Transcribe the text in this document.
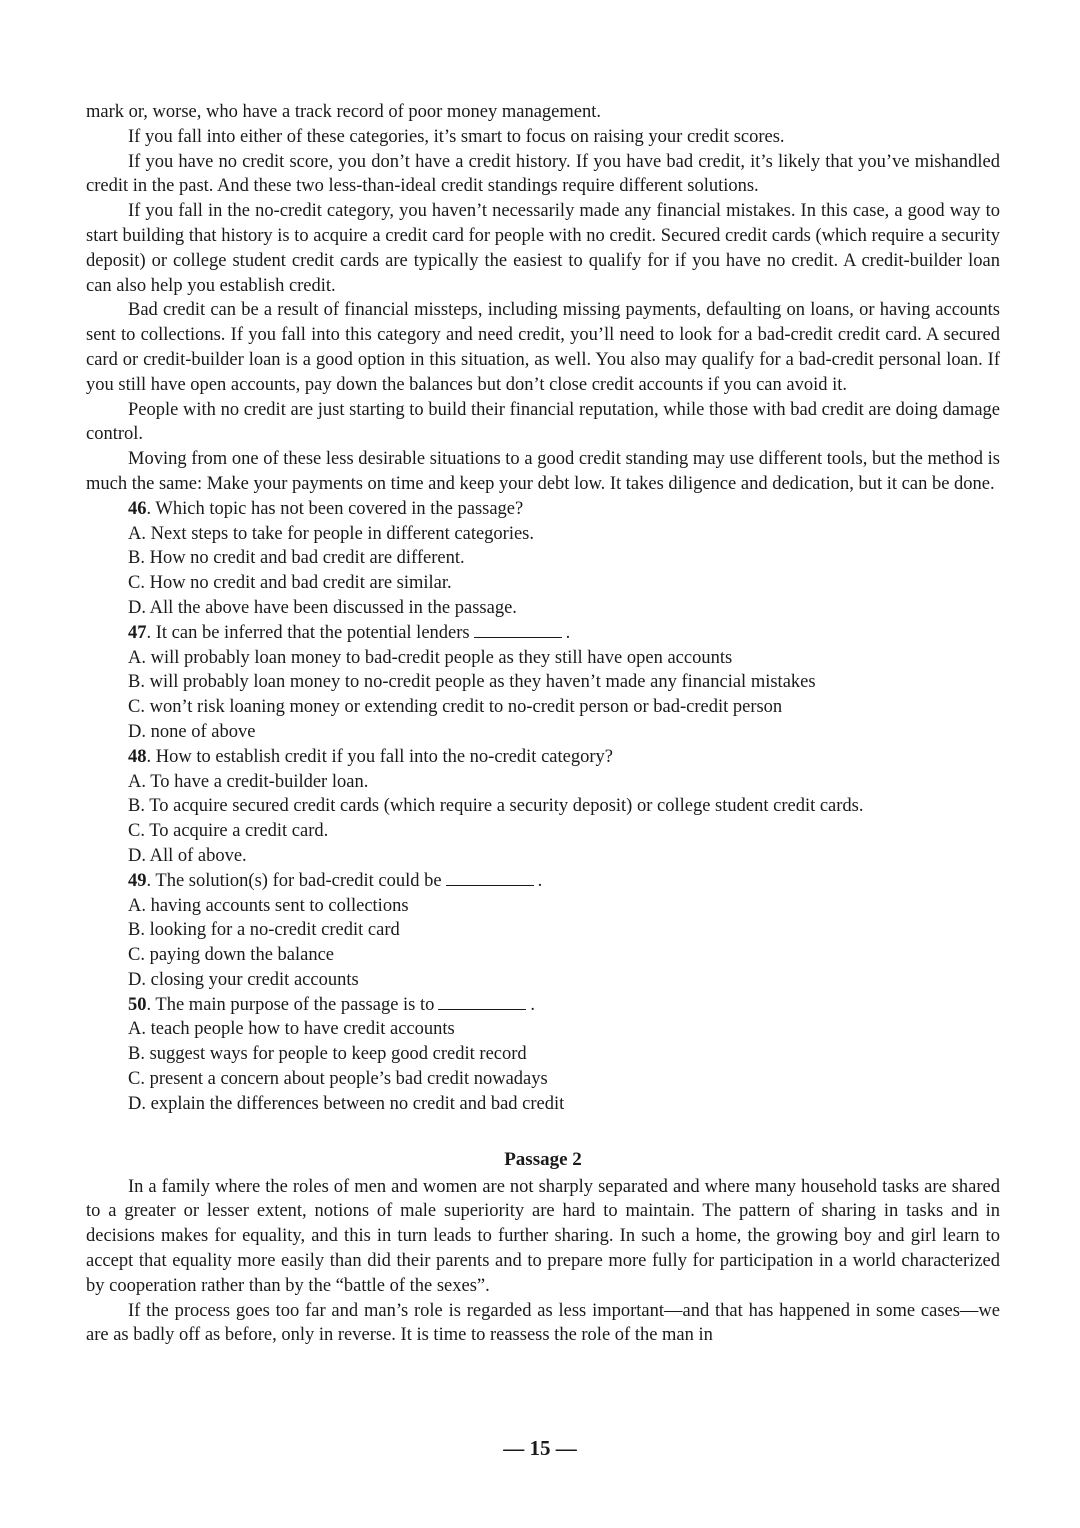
mark or, worse, who have a track record of poor money management.

If you fall into either of these categories, it’s smart to focus on raising your credit scores.

If you have no credit score, you don’t have a credit history. If you have bad credit, it’s likely that you’ve mishandled credit in the past. And these two less-than-ideal credit standings require different solutions.

If you fall in the no-credit category, you haven’t necessarily made any financial mistakes. In this case, a good way to start building that history is to acquire a credit card for people with no credit. Secured credit cards (which require a security deposit) or college student credit cards are typically the easiest to qualify for if you have no credit. A credit-builder loan can also help you establish credit.

Bad credit can be a result of financial missteps, including missing payments, defaulting on loans, or having accounts sent to collections. If you fall into this category and need credit, you’ll need to look for a bad-credit credit card. A secured card or credit-builder loan is a good option in this situation, as well. You also may qualify for a bad-credit personal loan. If you still have open accounts, pay down the balances but don’t close credit accounts if you can avoid it.

People with no credit are just starting to build their financial reputation, while those with bad credit are doing damage control.

Moving from one of these less desirable situations to a good credit standing may use different tools, but the method is much the same: Make your payments on time and keep your debt low. It takes diligence and dedication, but it can be done.

46. Which topic has not been covered in the passage?

A. Next steps to take for people in different categories.

B. How no credit and bad credit are different.

C. How no credit and bad credit are similar.

D. All the above have been discussed in the passage.

47. It can be inferred that the potential lenders	.

A. will probably loan money to bad-credit people as they still have open accounts

B. will probably loan money to no-credit people as they haven’t made any financial mistakes

C. won’t risk loaning money or extending credit to no-credit person or bad-credit person

D. none of above

48. How to establish credit if you fall into the no-credit category?

A. To have a credit-builder loan.

B. To acquire secured credit cards (which require a security deposit) or college student credit cards.

C. To acquire a credit card.

D. All of above.

49. The solution(s) for bad-credit could be	.

A. having accounts sent to collections

B. looking for a no-credit credit card

C. paying down the balance

D. closing your credit accounts

50. The main purpose of the passage is to	.

A. teach people how to have credit accounts

B. suggest ways for people to keep good credit record

C. present a concern about people’s bad credit nowadays

D. explain the differences between no credit and bad credit

Passage 2

In a family where the roles of men and women are not sharply separated and where many household tasks are shared to a greater or lesser extent, notions of male superiority are hard to maintain. The pattern of sharing in tasks and in decisions makes for equality, and this in turn leads to further sharing. In such a home, the growing boy and girl learn to accept that equality more easily than did their parents and to prepare more fully for participation in a world characterized by cooperation rather than by the “battle of the sexes”.

If the process goes too far and man’s role is regarded as less important—and that has happened in some cases—we are as badly off as before, only in reverse. It is time to reassess the role of the man in

— 15 —
